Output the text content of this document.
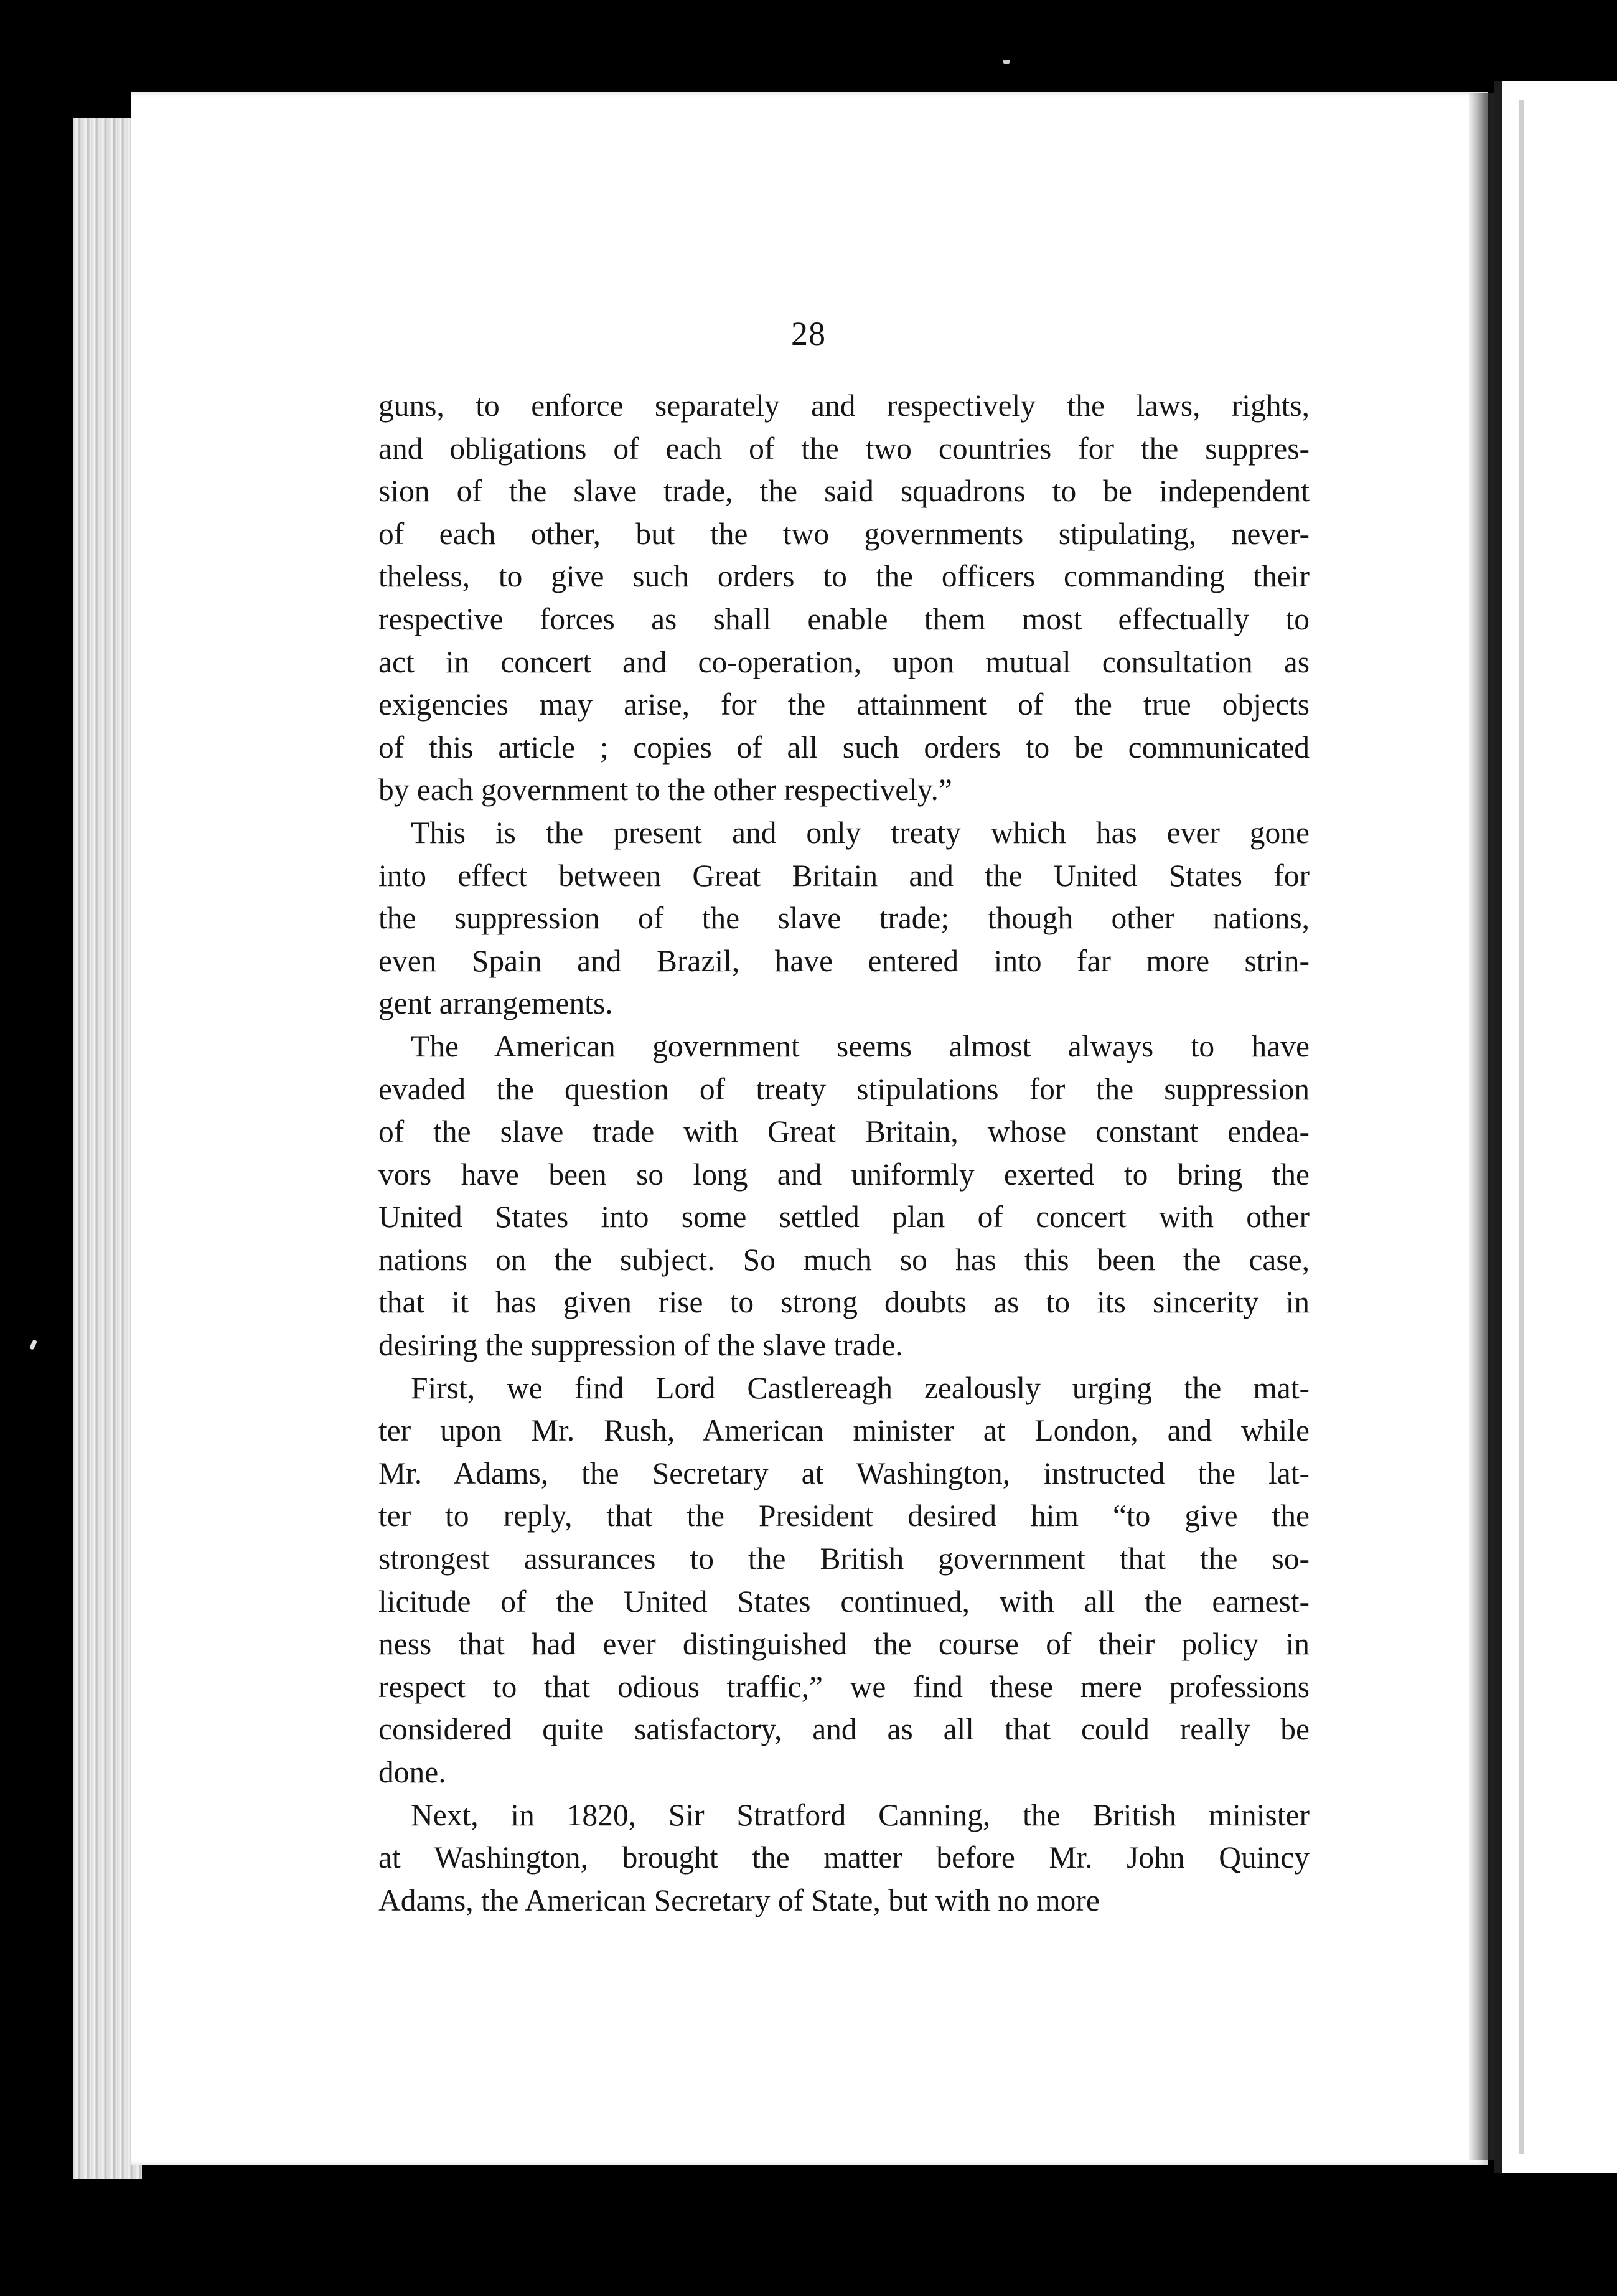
28
guns, to enforce separately and respectively the laws, rights,
and obligations of each of the two countries for the suppres-
sion of the slave trade, the said squadrons to be independent
of each other, but the two governments stipulating, never-
theless, to give such orders to the officers commanding their
respective forces as shall enable them most effectually to
act in concert and co-operation, upon mutual consultation as
exigencies may arise, for the attainment of the true objects
of this article ; copies of all such orders to be communicated
by each government to the other respectively.”
This is the present and only treaty which has ever gone
into effect between Great Britain and the United States for
the suppression of the slave trade; though other nations,
even Spain and Brazil, have entered into far more strin-
gent arrangements.
The American government seems almost always to have
evaded the question of treaty stipulations for the suppression
of the slave trade with Great Britain, whose constant endea-
vors have been so long and uniformly exerted to bring the
United States into some settled plan of concert with other
nations on the subject. So much so has this been the case,
that it has given rise to strong doubts as to its sincerity in
desiring the suppression of the slave trade.
First, we find Lord Castlereagh zealously urging the mat-
ter upon Mr. Rush, American minister at London, and while
Mr. Adams, the Secretary at Washington, instructed the lat-
ter to reply, that the President desired him “to give the
strongest assurances to the British government that the so-
licitude of the United States continued, with all the earnest-
ness that had ever distinguished the course of their policy in
respect to that odious traffic,” we find these mere professions
considered quite satisfactory, and as all that could really be
done.
Next, in 1820, Sir Stratford Canning, the British minister
at Washington, brought the matter before Mr. John Quincy
Adams, the American Secretary of State, but with no more
